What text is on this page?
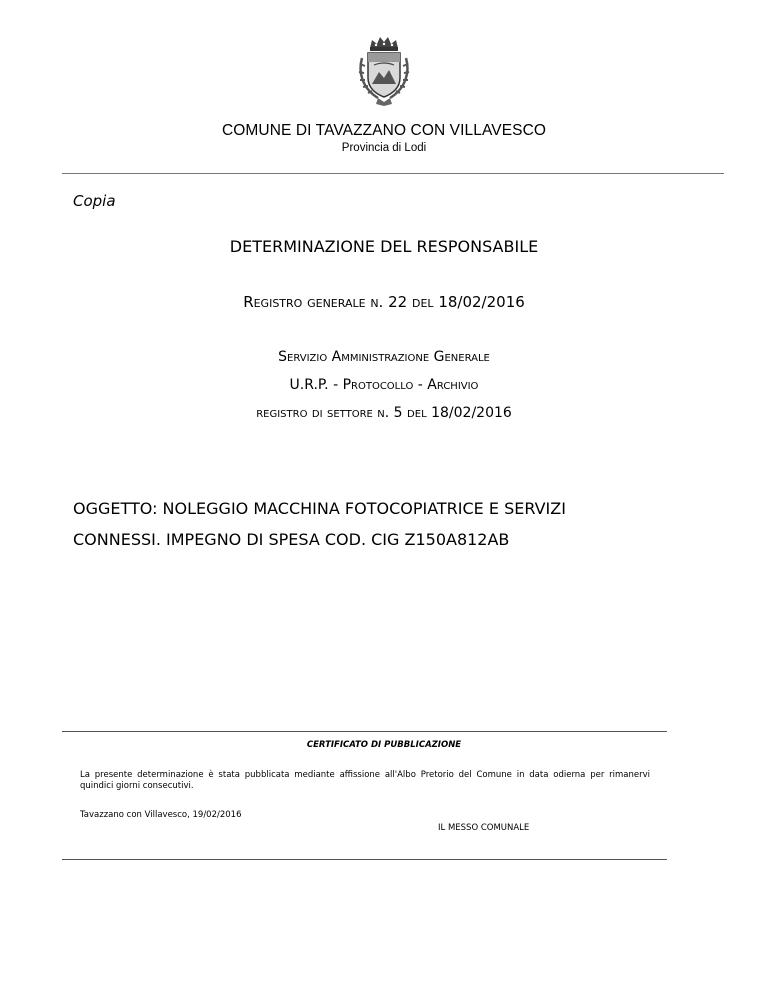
COMUNE DI TAVAZZANO CON VILLAVESCO
Provincia di Lodi
Copia
DETERMINAZIONE DEL RESPONSABILE
Registro generale n. 22 del 18/02/2016
Servizio Amministrazione Generale
U.R.P. - Protocollo - Archivio
registro di settore n. 5 del 18/02/2016
OGGETTO: NOLEGGIO MACCHINA FOTOCOPIATRICE E SERVIZI
CONNESSI. IMPEGNO DI SPESA COD. CIG Z150A812AB
CERTIFICATO DI PUBBLICAZIONE
La presente determinazione è stata pubblicata mediante affissione all'Albo Pretorio del Comune in data odierna per rimanervi quindici giorni consecutivi.
Tavazzano con Villavesco, 19/02/2016
IL MESSO COMUNALE
